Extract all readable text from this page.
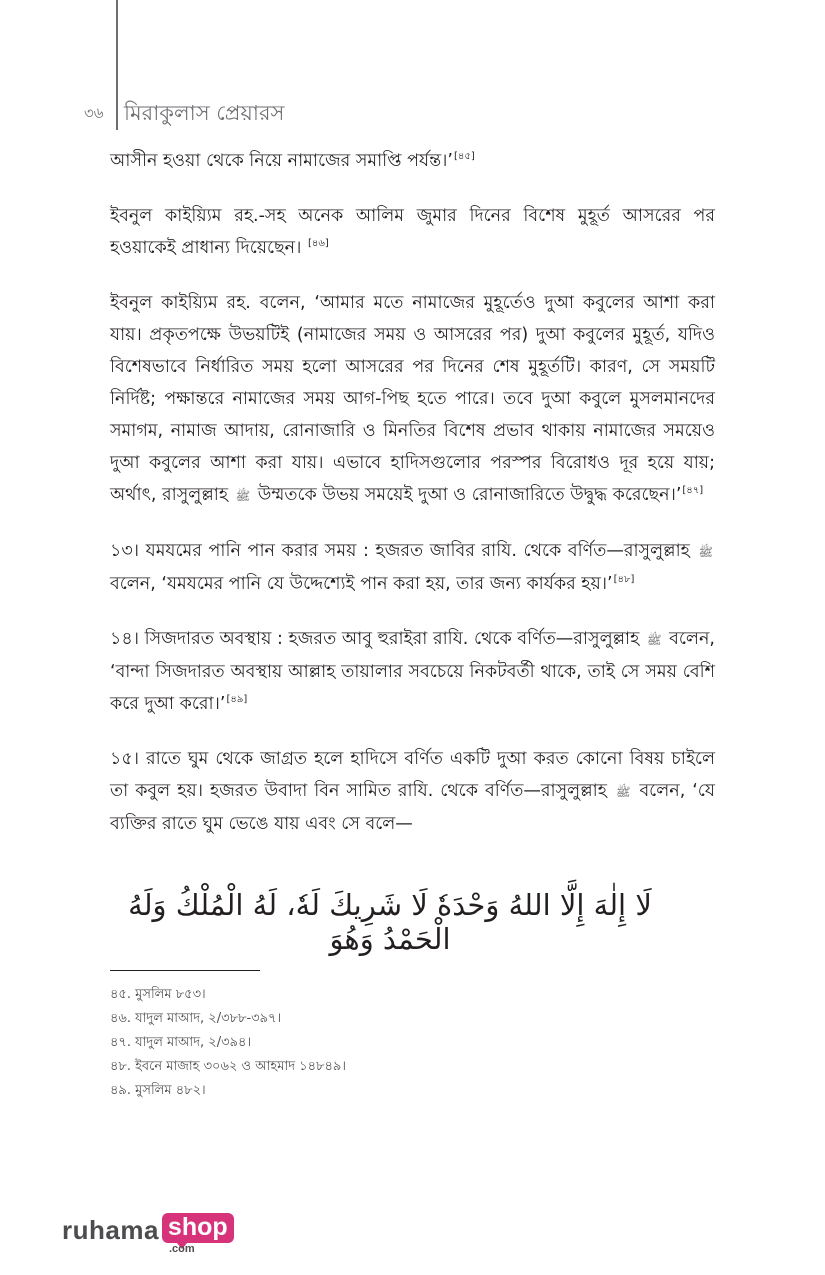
৩৬ মিরাকুলাস প্রেয়ারস

আসীন হওয়া থেকে নিয়ে নামাজের সমাপ্তি পর্যন্ত।’[৪৫]

ইবনুল কাইয়্যিম রহ.-সহ অনেক আলিম জুমার দিনের বিশেষ মুহূর্ত আসরের পর হওয়াকেই প্রাধান্য দিয়েছেন। [৪৬]

ইবনুল কাইয়্যিম রহ. বলেন, ‘আমার মতে নামাজের মুহূর্তেও দুআ কবুলের আশা করা যায়। প্রকৃতপক্ষে উভয়টিই (নামাজের সময় ও আসরের পর) দুআ কবুলের মুহূর্ত, যদিও বিশেষভাবে নির্ধারিত সময় হলো আসরের পর দিনের শেষ মুহূর্তটি। কারণ, সে সময়টি নির্দিষ্ট; পক্ষান্তরে নামাজের সময় আগ-পিছ হতে পারে। তবে দুআ কবুলে মুসলমানদের সমাগম, নামাজ আদায়, রোনাজারি ও মিনতির বিশেষ প্রভাব থাকায় নামাজের সময়েও দুআ কবুলের আশা করা যায়। এভাবে হাদিসগুলোর পরস্পর বিরোধও দূর হয়ে যায়; অর্থাৎ, রাসুলুল্লাহ ﷺ উম্মতকে উভয় সময়েই দুআ ও রোনাজারিতে উদ্বুদ্ধ করেছেন।’[৪৭]

১৩। যমযমের পানি পান করার সময় : হজরত জাবির রাযি. থেকে বর্ণিত—রাসুলুল্লাহ ﷺ বলেন, ‘যমযমের পানি যে উদ্দেশ্যেই পান করা হয়, তার জন্য কার্যকর হয়।’[৪৮]

১৪। সিজদারত অবস্থায় : হজরত আবু হুরাইরা রাযি. থেকে বর্ণিত—রাসুলুল্লাহ ﷺ বলেন, ‘বান্দা সিজদারত অবস্থায় আল্লাহ তায়ালার সবচেয়ে নিকটবর্তী থাকে, তাই সে সময় বেশি করে দুআ করো।’[৪৯]

১৫। রাতে ঘুম থেকে জাগ্রত হলে হাদিসে বর্ণিত একটি দুআ করত কোনো বিষয় চাইলে তা কবুল হয়। হজরত উবাদা বিন সামিত রাযি. থেকে বর্ণিত—রাসুলুল্লাহ ﷺ বলেন, ‘যে ব্যক্তির রাতে ঘুম ভেঙে যায় এবং সে বলে—

لَا إِلٰهَ إِلَّا اللهُ وَحْدَهٗ لَا شَرِيكَ لَهٗ، لَهُ الْمُلْكُ وَلَهُ الْحَمْدُ وَهُوَ
৪৫. মুসলিম ৮৫৩।
৪৬. যাদুল মাআদ, ২/৩৮৮-৩৯৭।
৪৭. যাদুল মাআদ, ২/৩৯৪।
৪৮. ইবনে মাজাহ ৩০৬২ ও আহমাদ ১৪৮৪৯।
৪৯. মুসলিম ৪৮২।
ruhama shop
.com
